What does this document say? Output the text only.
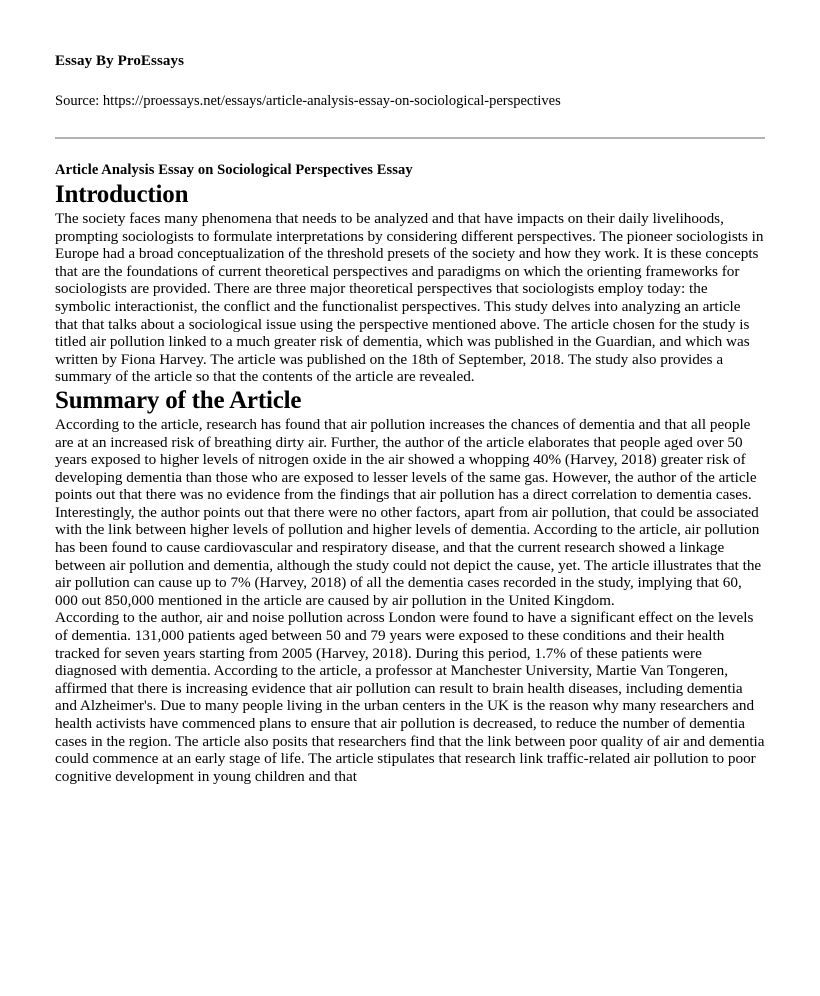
Essay By ProEssays
Source: https://proessays.net/essays/article-analysis-essay-on-sociological-perspectives
Article Analysis Essay on Sociological Perspectives Essay
Introduction

The society faces many phenomena that needs to be analyzed and that have impacts on their daily livelihoods, prompting sociologists to formulate interpretations by considering different perspectives. The pioneer sociologists in Europe had a broad conceptualization of the threshold presets of the society and how they work. It is these concepts that are the foundations of current theoretical perspectives and paradigms on which the orienting frameworks for sociologists are provided. There are three major theoretical perspectives that sociologists employ today: the symbolic interactionist, the conflict and the functionalist perspectives. This study delves into analyzing an article that that talks about a sociological issue using the perspective mentioned above. The article chosen for the study is titled air pollution linked to a much greater risk of dementia, which was published in the Guardian, and which was written by Fiona Harvey. The article was published on the 18th of September, 2018. The study also provides a summary of the article so that the contents of the article are revealed.

Summary of the Article

According to the article, research has found that air pollution increases the chances of dementia and that all people are at an increased risk of breathing dirty air. Further, the author of the article elaborates that people aged over 50 years exposed to higher levels of nitrogen oxide in the air showed a whopping 40% (Harvey, 2018) greater risk of developing dementia than those who are exposed to lesser levels of the same gas. However, the author of the article points out that there was no evidence from the findings that air pollution has a direct correlation to dementia cases. Interestingly, the author points out that there were no other factors, apart from air pollution, that could be associated with the link between higher levels of pollution and higher levels of dementia. According to the article, air pollution has been found to cause cardiovascular and respiratory disease, and that the current research showed a linkage between air pollution and dementia, although the study could not depict the cause, yet. The article illustrates that the air pollution can cause up to 7% (Harvey, 2018) of all the dementia cases recorded in the study, implying that 60, 000 out 850,000 mentioned in the article are caused by air pollution in the United Kingdom.

According to the author, air and noise pollution across London were found to have a significant effect on the levels of dementia. 131,000 patients aged between 50 and 79 years were exposed to these conditions and their health tracked for seven years starting from 2005 (Harvey, 2018). During this period, 1.7% of these patients were diagnosed with dementia. According to the article, a professor at Manchester University, Martie Van Tongeren, affirmed that there is increasing evidence that air pollution can result to brain health diseases, including dementia and Alzheimer's. Due to many people living in the urban centers in the UK is the reason why many researchers and health activists have commenced plans to ensure that air pollution is decreased, to reduce the number of dementia cases in the region. The article also posits that researchers find that the link between poor quality of air and dementia could commence at an early stage of life. The article stipulates that research link traffic-related air pollution to poor cognitive development in young children and that
